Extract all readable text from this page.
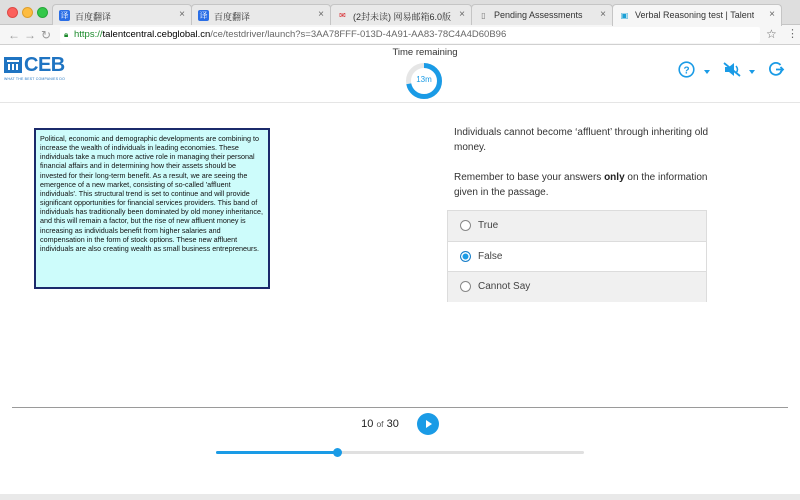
译 百度翻译	× 译 百度翻译	× ✉ (2封未读) 网易邮箱6.0版 ×	▯ Pending Assessments × ▣ Verbal Reasoning test | Talent ×
← → ↻ 🔒︎ https://talentcentral.cebglobal.cn/ce/testdriver/launch?s=3AA78FFF-013D-4A91-AA83-78C4A4D60B96	☆ ⋮
CEB
WHAT THE BEST COMPANIES DO
Time remaining
13m
?
Political, economic and demographic developments are combining to increase the wealth of individuals in leading economies. These individuals take a much more active role in managing their personal financial affairs and in determining how their assets should be invested for their long-term benefit. As a result, we are seeing the emergence of a new market, consisting of so-called 'affluent individuals'. This structural trend is set to continue and will provide significant opportunities for financial services providers. This band of individuals has traditionally been dominated by old money inheritance, and this will remain a factor, but the rise of new affluent money is increasing as individuals benefit from higher salaries and compensation in the form of stock options. These new affluent individuals are also creating wealth as small business entrepreneurs.
Individuals cannot become ‘affluent’ through inheriting old money.
Remember to base your answers only on the information given in the passage.
True
False
Cannot Say
10 of 30
